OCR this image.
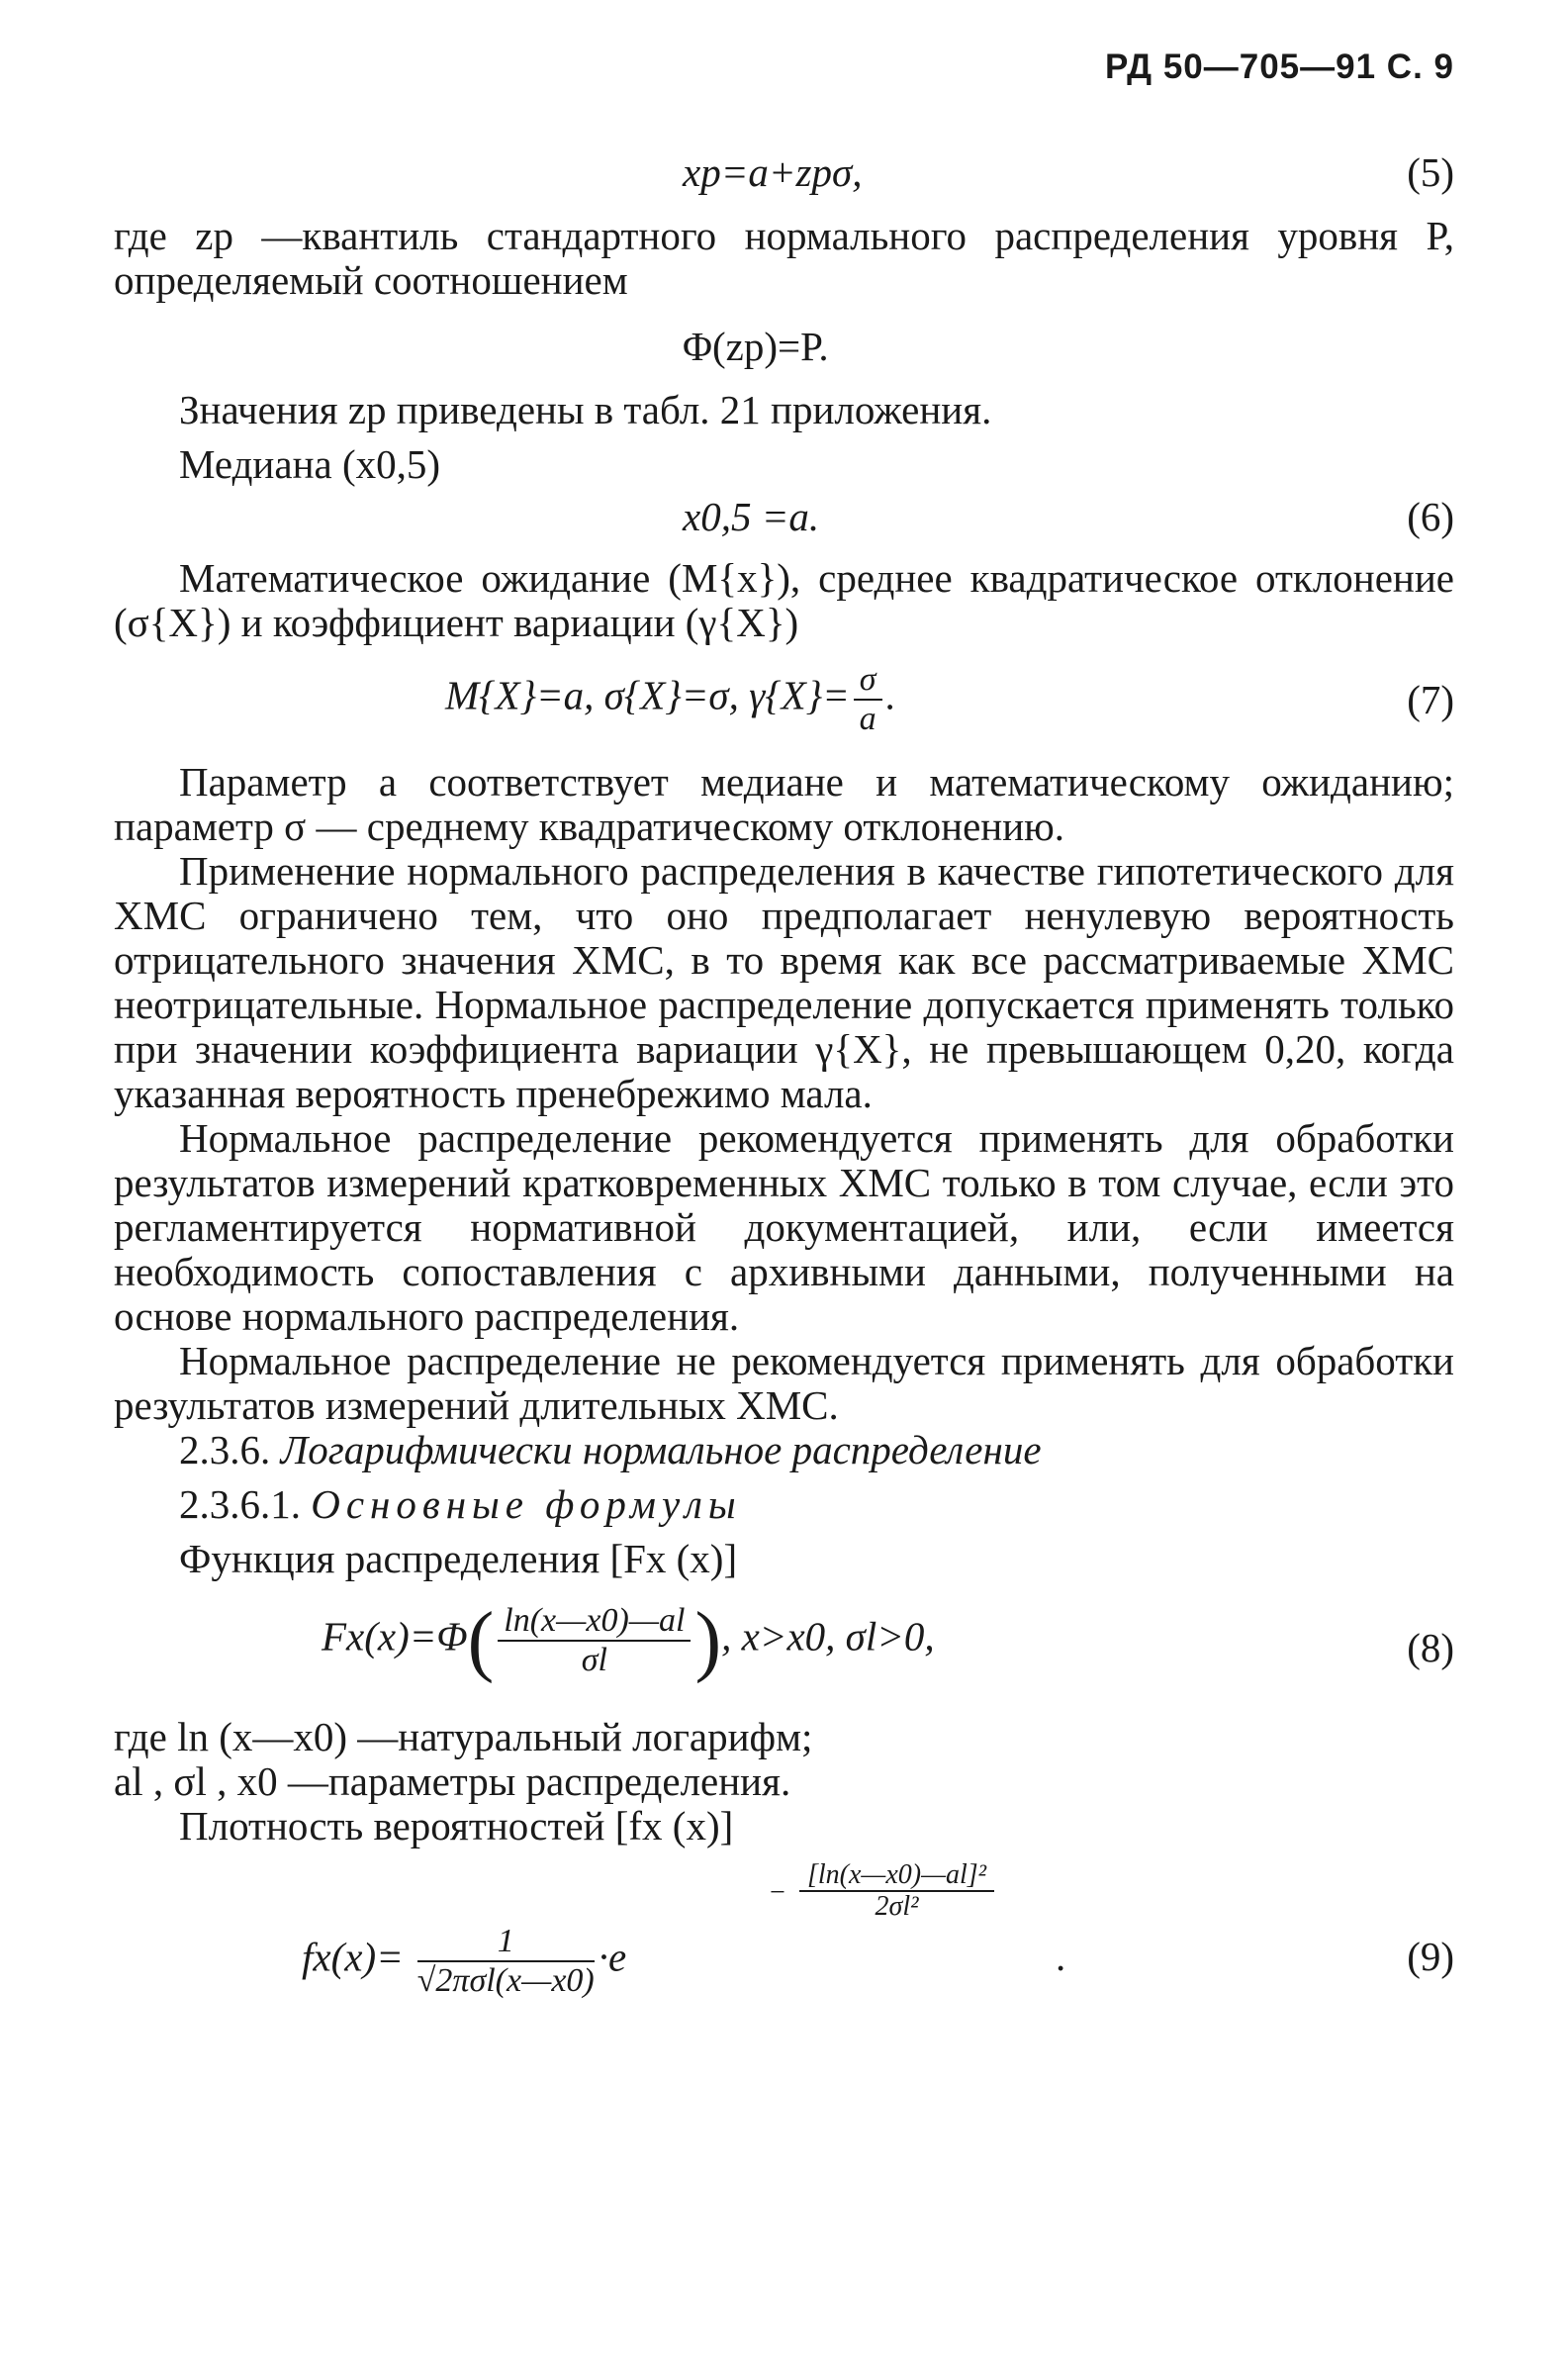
РД 50—705—91 С. 9
xp=a+zpσ,	(5)
где zp —квантиль стандартного нормального распределения уровня P, определяемый соотношением
Φ(zp)=P.
Значения zp приведены в табл. 21 приложения.
Медиана (x0,5)
x0,5 =a.	(6)
Математическое ожидание (M{x}), среднее квадратическое отклонение (σ{X}) и коэффициент вариации (γ{X})
M{X}=a, σ{X}=σ, $\gamma\{X\}= \frac{\sigma}{a}$ .	(7)
Параметр a соответствует медиане и математическому ожиданию; параметр σ — среднему квадратическому отклонению.
Применение нормального распределения в качестве гипотетического для ХМС ограничено тем, что оно предполагает ненулевую вероятность отрицательного значения ХМС, в то время как все рассматриваемые ХМС неотрицательные. Нормальное распределение допускается применять только при значении коэффициента вариации γ{X}, не превышающем 0,20, когда указанная вероятность пренебрежимо мала.
Нормальное распределение рекомендуется применять для обработки результатов измерений кратковременных ХМС только в том случае, если это регламентируется нормативной документацией, или, если имеется необходимость сопоставления с архивными данными, полученными на основе нормального распределения.
Нормальное распределение не рекомендуется применять для обработки результатов измерений длительных ХМС.
2.3.6. Логарифмически нормальное распределение
2.3.6.1. Основные формулы
Функция распределения [Fx (x)]
$Fx(x)=\Phi( \frac{\ln(x—x0)—al}{\sigma l}$ ), x>x0, σl>0,	(8)
где ln (x—x0) —натуральный логарифм;
al , σl , x0 —параметры распределения.
Плотность вероятностей [fx (x)]
−
[ln(x—x0)—al]²
2σl²
$fx(x)= \frac{1}{\text{√2πσl(x—x0)}} \cdot e$	.	(9)
